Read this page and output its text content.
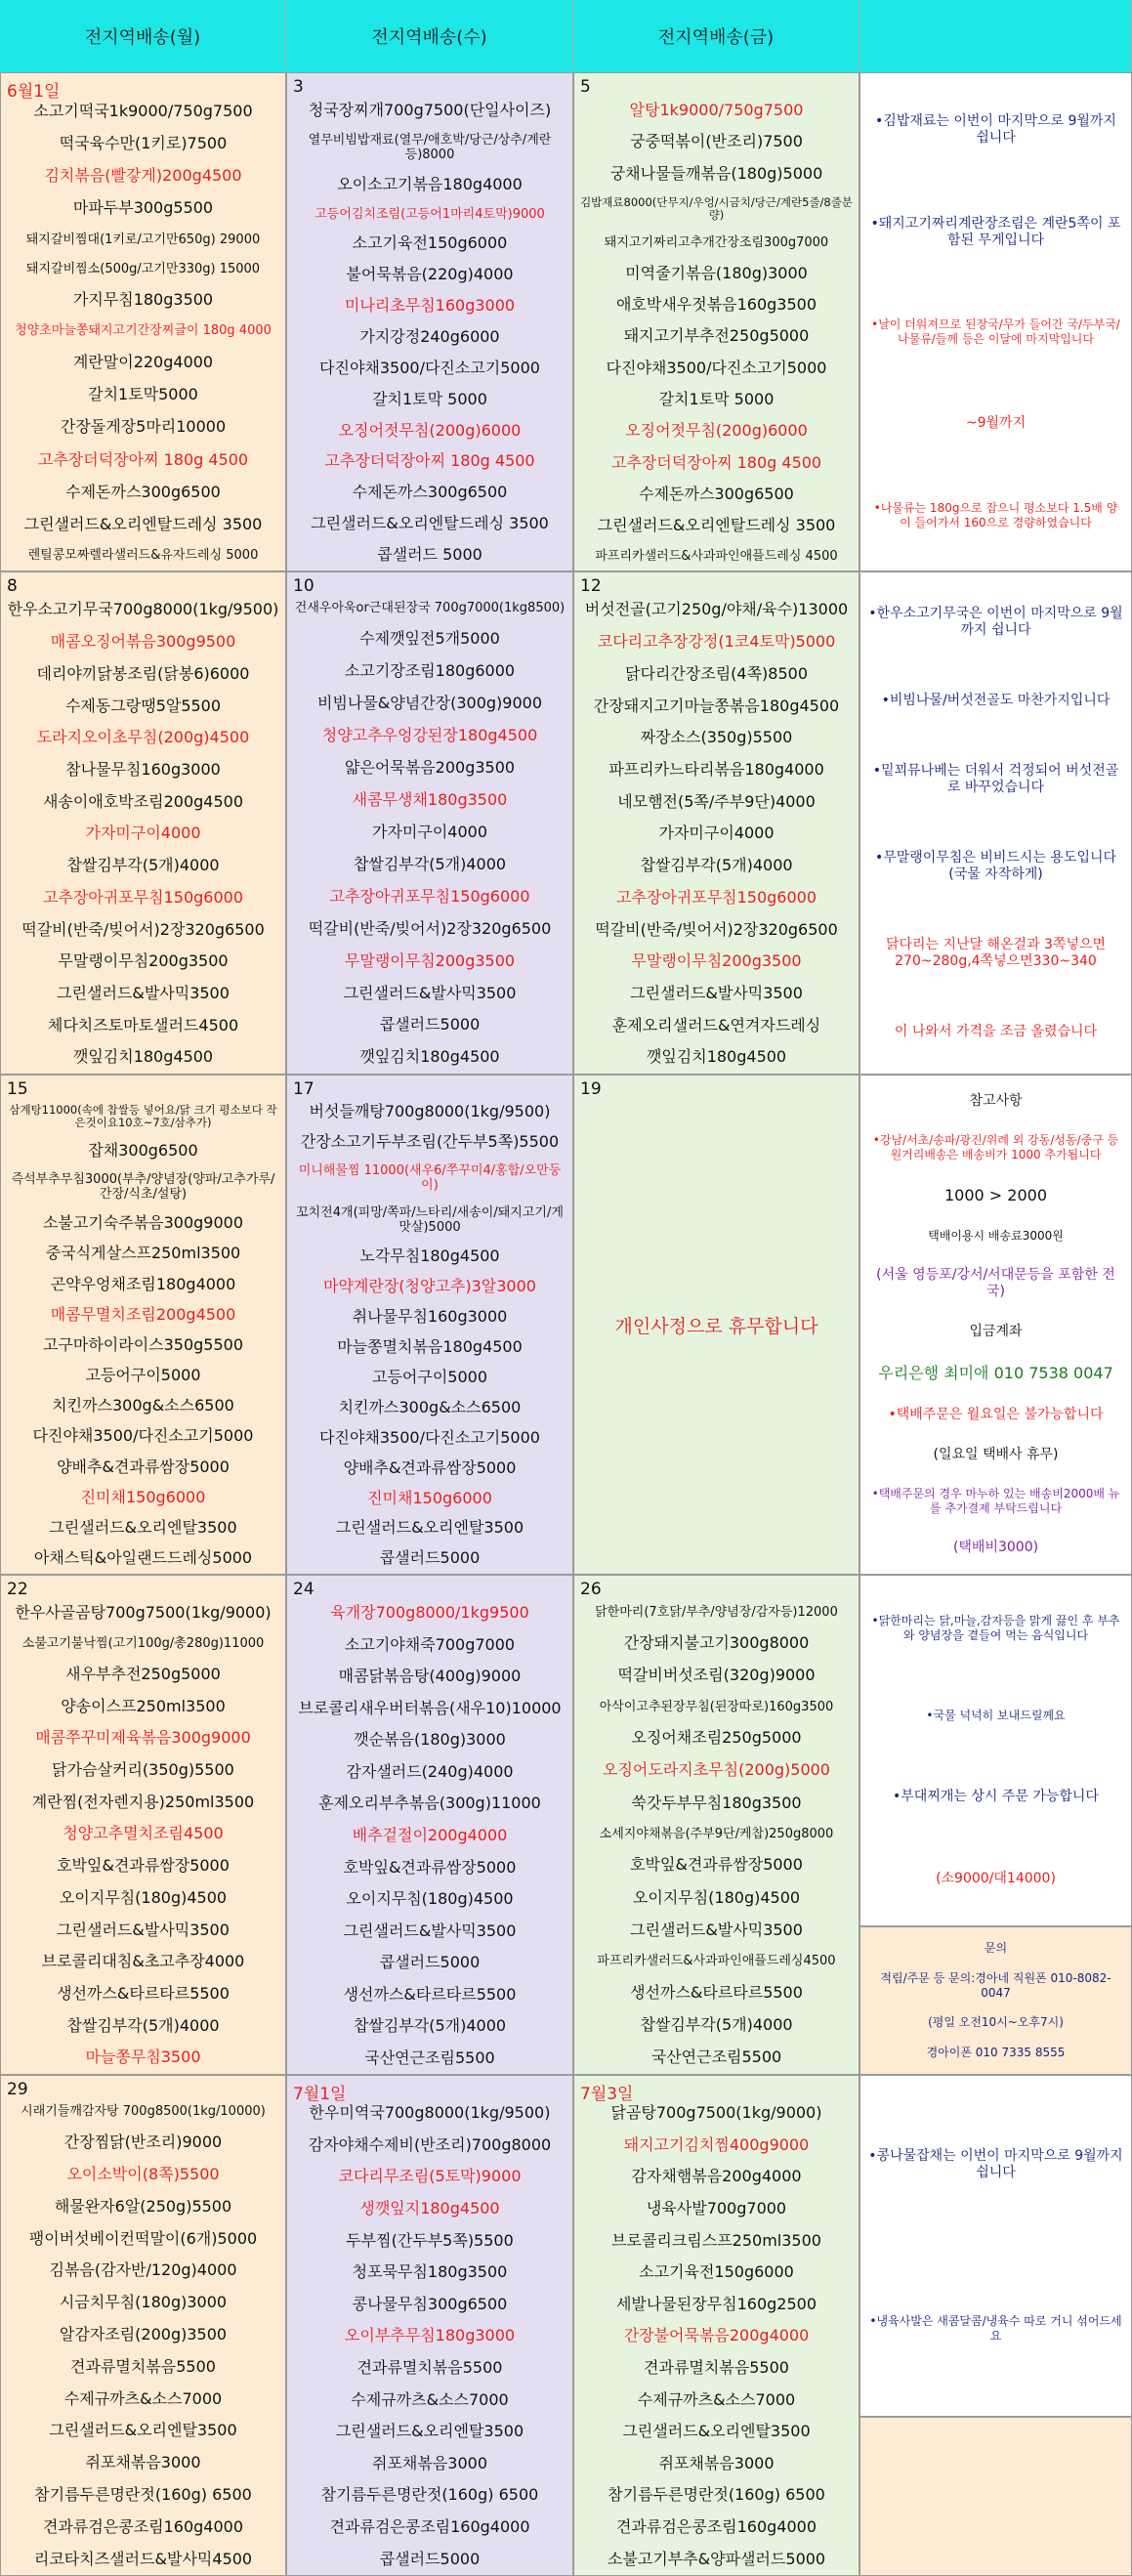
전지역배송(월)	전지역배송(수)	전지역배송(금)
6월1일
소고기떡국1k9000/750g7500
떡국육수만(1키로)7500
김치볶음(빨갛게)200g4500
마파두부300g5500
돼지갈비찜대(1키로/고기만650g) 29000
돼지갈비찜소(500g/고기만330g) 15000
가지무침180g3500
청양초마늘쫑돼지고기간장찌글이 180g 4000
계란말이220g4000
갈치1토막5000
간장돌게장5마리10000
고추장더덕장아찌 180g 4500
수제돈까스300g6500
그린샐러드&오리엔탈드레싱 3500
렌틸콩모짜렐라샐러드&유자드레싱 5000
3
청국장찌개700g7500(단일사이즈)
열무비빔밥재료(열무/애호박/당근/상추/계란등)8000
오이소고기볶음180g4000
고등어김치조림(고등어1마리4토막)9000
소고기육전150g6000
불어묵볶음(220g)4000
미나리초무침160g3000
가지강정240g6000
다진야채3500/다진소고기5000
갈치1토막 5000
오징어젓무침(200g)6000
고추장더덕장아찌 180g 4500
수제돈까스300g6500
그린샐러드&오리엔탈드레싱 3500
콥샐러드 5000
5
알탕1k9000/750g7500
궁중떡볶이(반조리)7500
궁채나물들깨볶음(180g)5000
김밥재료8000(단무지/우엉/시금치/당근/계란5줄/8줄분량)
돼지고기짜리고추개간장조림300g7000
미역줄기볶음(180g)3000
애호박새우젓볶음160g3500
돼지고기부추전250g5000
다진야채3500/다진소고기5000
갈치1토막 5000
오징어젓무침(200g)6000
고추장더덕장아찌 180g 4500
수제돈까스300g6500
그린샐러드&오리엔탈드레싱 3500
파프리카샐러드&사과파인애플드레싱 4500
•김밥재료는 이번이 마지막으로 9월까지 쉽니다
•돼지고기짜리계란장조림은 계란5쪽이 포함된 무게입니다
•날이 더워져므로 된장국/무가 들어간 국/두부국/나물류/들께 등은 이달에 마지막입니다
~9월까지
•나물류는 180g으로 잡으니 평소보다 1.5배 양이 들어가서 160으로 경량하였습니다
8
한우소고기무국700g8000(1kg/9500)
매콤오징어볶음300g9500
데리야끼닭봉조림(닭봉6)6000
수제동그랑땡5알5500
도라지오이초무침(200g)4500
참나물무침160g3000
새송이애호박조림200g4500
가자미구이4000
찹쌀김부각(5개)4000
고추장아귀포무침150g6000
떡갈비(반죽/빚어서)2장320g6500
무말랭이무침200g3500
그린샐러드&발사믹3500
체다치즈토마토샐러드4500
깻잎김치180g4500
10
건새우아욱or근대된장국 700g7000(1kg8500)
수제깻잎전5개5000
소고기장조림180g6000
비빔나물&양념간장(300g)9000
청양고추우엉강된장180g4500
얇은어묵볶음200g3500
새콤무생채180g3500
가자미구이4000
찹쌀김부각(5개)4000
고추장아귀포무침150g6000
떡갈비(반죽/빚어서)2장320g6500
무말랭이무침200g3500
그린샐러드&발사믹3500
콥샐러드5000
깻잎김치180g4500
12
버섯전골(고기250g/야채/육수)13000
코다리고추장강정(1코4토막)5000
닭다리간장조림(4쪽)8500
간장돼지고기마늘쫑볶음180g4500
짜장소스(350g)5500
파프리카느타리볶음180g4000
네모햄전(5쪽/주부9단)4000
가자미구이4000
찹쌀김부각(5개)4000
고추장아귀포무침150g6000
떡갈비(반죽/빚어서)2장320g6500
무말랭이무침200g3500
그린샐러드&발사믹3500
훈제오리샐러드&연겨자드레싱
깻잎김치180g4500
•한우소고기무국은 이번이 마지막으로 9월까지 쉽니다
•비빔나물/버섯전골도 마찬가지입니다
•밑꾀뮤나베는 더워서 걱정되어 버섯전골로 바꾸었습니다
•무말랭이무침은 비비드시는 용도입니다 (국물 자작하게)
닭다리는 지난달 해온걸과 3쪽넣으면 270~280g,4쪽넣으면330~340
이 나와서 가격을 조금 올렸습니다
15
삼계탕11000(속에 찹쌀등 넣어요/닭 크기 평소보다 작은것이요10호~7호/삼추가)
잡채300g6500
즉석부추무침3000(부추/양념장(양파/고추가루/간장/식초/설탕)
소불고기숙주볶음300g9000
중국식게살스프250ml3500
곤약우엉채조림180g4000
매콤무멸치조림200g4500
고구마하이라이스350g5500
고등어구이5000
치킨까스300g&소스6500
다진야채3500/다진소고기5000
양배추&견과류쌈장5000
진미채150g6000
그린샐러드&오리엔탈3500
아채스틱&아일랜드드레싱5000
17
버섯들깨탕700g8000(1kg/9500)
간장소고기두부조림(간두부5쪽)5500
미니해물찜 11000(새우6/쭈꾸미4/홍합/오만둥이)
꼬치전4개(피망/쪽파/느타리/새송이/돼지고기/게맛살)5000
노각무침180g4500
마약계란장(청양고추)3알3000
취나물무침160g3000
마늘쫑멸치볶음180g4500
고등어구이5000
치킨까스300g&소스6500
다진야채3500/다진소고기5000
양배추&견과류쌈장5000
진미채150g6000
그린샐러드&오리엔탈3500
콥샐러드5000
19
개인사정으로 휴무합니다
참고사항
•강남/서초/송파/광진/위례 외 강동/성동/중구 등 원거리배송은 배송비가 1000 추가됩니다
1000 > 2000
택배이용시 배송료3000원
(서울 영등포/강서/서대문등을 포함한 전국)
입금계좌
우리은행 최미애 010 7538 0047
•택배주문은 월요일은 불가능합니다
(일요일 택배사 휴무)
•택배주문의 경우 마누하 있는 배송비2000배 뉴를 추가결제 부탁드립니다
(택배비3000)
22
한우사골곰탕700g7500(1kg/9000)
소불고기불낙찜(고기100g/총280g)11000
새우부추전250g5000
양송이스프250ml3500
매콤쭈꾸미제육볶음300g9000
닭가슴살커리(350g)5500
계란찜(전자렌지용)250ml3500
청양고추멸치조림4500
호박잎&견과류쌈장5000
오이지무침(180g)4500
그린샐러드&발사믹3500
브로콜리대침&초고추장4000
생선까스&타르타르5500
찹쌀김부각(5개)4000
마늘쫑무침3500
24
육개장700g8000/1kg9500
소고기야채죽700g7000
매콤닭볶음탕(400g)9000
브로콜리새우버터볶음(새우10)10000
깻순볶음(180g)3000
감자샐러드(240g)4000
훈제오리부추볶음(300g)11000
배추겉절이200g4000
호박잎&견과류쌈장5000
오이지무침(180g)4500
그린샐러드&발사믹3500
콥샐러드5000
생선까스&타르타르5500
찹쌀김부각(5개)4000
국산연근조림5500
26
닭한마리(7호닭/부추/양념장/감자등)12000
간장돼지불고기300g8000
떡갈비버섯조림(320g)9000
아삭이고추된장무침(된장따로)160g3500
오징어채조림250g5000
오징어도라지초무침(200g)5000
쑥갓두부무침180g3500
소세지야채볶음(주부9단/케찹)250g8000
호박잎&견과류쌈장5000
오이지무침(180g)4500
그린샐러드&발사믹3500
파프리카샐러드&사과파인애플드레싱4500
생선까스&타르타르5500
찹쌀김부각(5개)4000
국산연근조림5500
•닭한마리는 닭,마늘,감자등을 맑게 끓인 후 부추와 양념장을 곁들여 먹는 음식입니다
•국물 넉넉히 보내드릴께요
•부대찌개는 상시 주문 가능합니다
(소9000/대14000)
문의
적립/주문 등 문의:경아네 직원폰 010-8082-0047
(평일 오전10시~오후7시)
경아이폰 010 7335 8555
29
시래기들깨감자탕 700g8500(1kg/10000)
간장찜닭(반조리)9000
오이소박이(8쪽)5500
해물완자6알(250g)5500
팽이버섯베이컨떡말이(6개)5000
김볶음(감자반/120g)4000
시금치무침(180g)3000
알감자조림(200g)3500
견과류멸치볶음5500
수제규까츠&소스7000
그린샐러드&오리엔탈3500
쥐포채볶음3000
참기름두른명란젓(160g) 6500
견과류검은콩조림160g4000
리코타치즈샐러드&발사믹4500
7월1일
한우미역국700g8000(1kg/9500)
감자야채수제비(반조리)700g8000
코다리무조림(5토막)9000
생깻잎지180g4500
두부찜(간두부5쪽)5500
청포묵무침180g3500
콩나물무침300g6500
오이부추무침180g3000
견과류멸치볶음5500
수제규까츠&소스7000
그린샐러드&오리엔탈3500
쥐포채볶음3000
참기름두른명란젓(160g) 6500
견과류검은콩조림160g4000
콥샐러드5000
7월3일
닭곰탕700g7500(1kg/9000)
돼지고기김치찜400g9000
감자채햄볶음200g4000
냉육사발700g7000
브로콜리크림스프250ml3500
소고기육전150g6000
세발나물된장무침160g2500
간장불어묵볶음200g4000
견과류멸치볶음5500
수제규까츠&소스7000
그린샐러드&오리엔탈3500
쥐포채볶음3000
참기름두른명란젓(160g) 6500
견과류검은콩조림160g4000
소불고기부추&양파샐러드5000
•콩나물잡채는 이번이 마지막으로 9월까지 쉽니다
•냉육사발은 새콤달콤/냉육수 따로 거니 섞어드세요
